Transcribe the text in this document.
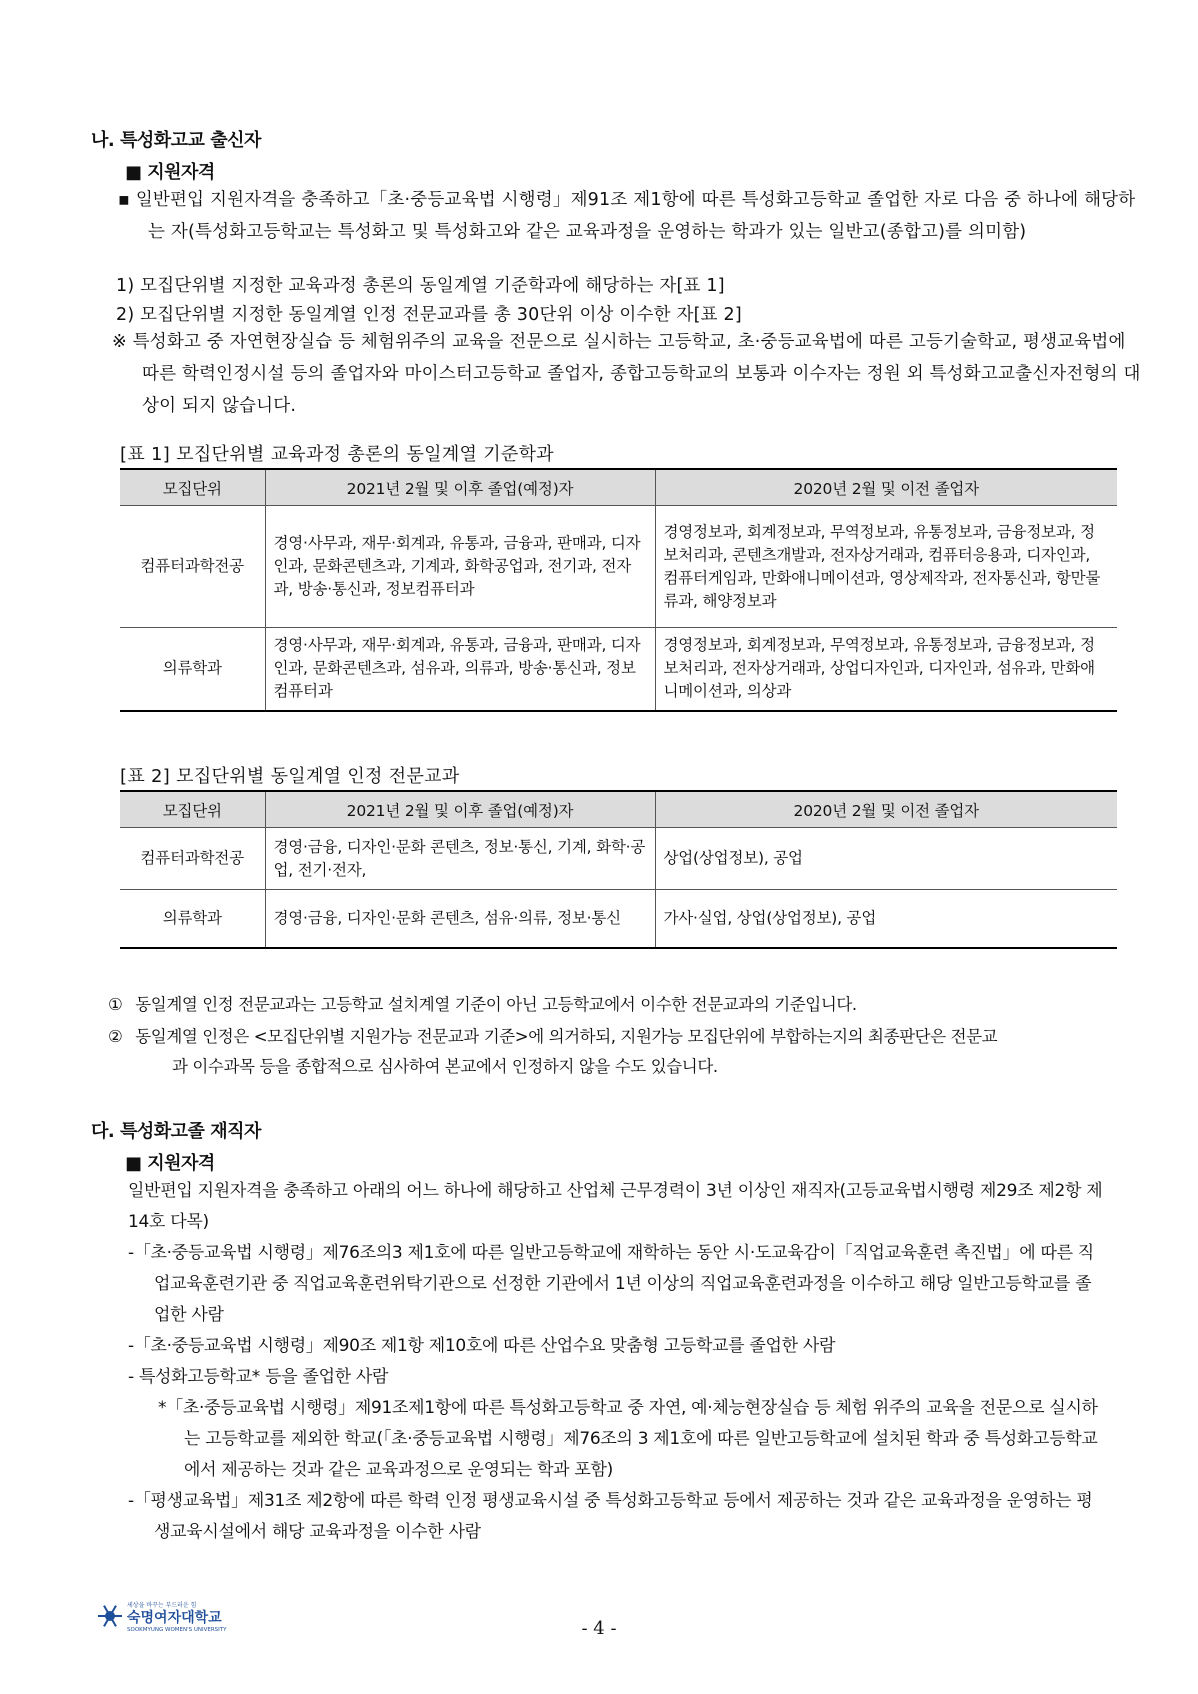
나. 특성화고교 출신자
■ 지원자격
▪ 일반편입 지원자격을 충족하고「초·중등교육법 시행령」제91조 제1항에 따른 특성화고등학교 졸업한 자로 다음 중 하나에 해당하는 자(특성화고등학교는 특성화고 및 특성화고와 같은 교육과정을 운영하는 학과가 있는 일반고(종합고)를 의미함)
1) 모집단위별 지정한 교육과정 총론의 동일계열 기준학과에 해당하는 자[표 1]
2) 모집단위별 지정한 동일계열 인정 전문교과를 총 30단위 이상 이수한 자[표 2]
※ 특성화고 중 자연현장실습 등 체험위주의 교육을 전문으로 실시하는 고등학교, 초·중등교육법에 따른 고등기술학교, 평생교육법에 따른 학력인정시설 등의 졸업자와 마이스터고등학교 졸업자, 종합고등학교의 보통과 이수자는 정원 외 특성화고교출신자전형의 대상이 되지 않습니다.
[표 1] 모집단위별 교육과정 총론의 동일계열 기준학과
모집단위	2021년 2월 및 이후 졸업(예정)자	2020년 2월 및 이전 졸업자
컴퓨터과학전공	경영·사무과, 재무·회계과, 유통과, 금융과, 판매과, 디자인과, 문화콘텐츠과, 기계과, 화학공업과, 전기과, 전자과, 방송·통신과, 정보컴퓨터과	경영정보과, 회계정보과, 무역정보과, 유통정보과, 금융정보과, 정보처리과, 콘텐츠개발과, 전자상거래과, 컴퓨터응용과, 디자인과, 컴퓨터게임과, 만화애니메이션과, 영상제작과, 전자통신과, 항만물류과, 해양정보과
의류학과	경영·사무과, 재무·회계과, 유통과, 금융과, 판매과, 디자인과, 문화콘텐츠과, 섬유과, 의류과, 방송·통신과, 정보컴퓨터과	경영정보과, 회계정보과, 무역정보과, 유통정보과, 금융정보과, 정보처리과, 전자상거래과, 상업디자인과, 디자인과, 섬유과, 만화애니메이션과, 의상과
[표 2] 모집단위별 동일계열 인정 전문교과
모집단위	2021년 2월 및 이후 졸업(예정)자	2020년 2월 및 이전 졸업자
컴퓨터과학전공	경영·금융, 디자인·문화 콘텐츠, 정보·통신, 기계, 화학·공업, 전기·전자,	상업(상업정보), 공업
의류학과	경영·금융, 디자인·문화 콘텐츠, 섬유·의류, 정보·통신	가사·실업, 상업(상업정보), 공업
① 동일계열 인정 전문교과는 고등학교 설치계열 기준이 아닌 고등학교에서 이수한 전문교과의 기준입니다.
② 동일계열 인정은 <모집단위별 지원가능 전문교과 기준>에 의거하되, 지원가능 모집단위에 부합하는지의 최종판단은 전문교
과 이수과목 등을 종합적으로 심사하여 본교에서 인정하지 않을 수도 있습니다.
다. 특성화고졸 재직자
■ 지원자격
일반편입 지원자격을 충족하고 아래의 어느 하나에 해당하고 산업체 근무경력이 3년 이상인 재직자(고등교육법시행령 제29조 제2항 제14호 다목)
-「초·중등교육법 시행령」제76조의3 제1호에 따른 일반고등학교에 재학하는 동안 시·도교육감이「직업교육훈련 촉진법」에 따른 직업교육훈련기관 중 직업교육훈련위탁기관으로 선정한 기관에서 1년 이상의 직업교육훈련과정을 이수하고 해당 일반고등학교를 졸업한 사람
-「초·중등교육법 시행령」제90조 제1항 제10호에 따른 산업수요 맞춤형 고등학교를 졸업한 사람
- 특성화고등학교* 등을 졸업한 사람
*「초·중등교육법 시행령」제91조제1항에 따른 특성화고등학교 중 자연, 예·체능현장실습 등 체험 위주의 교육을 전문으로 실시하는 고등학교를 제외한 학교(「초·중등교육법 시행령」제76조의 3 제1호에 따른 일반고등학교에 설치된 학과 중 특성화고등학교에서 제공하는 것과 같은 교육과정으로 운영되는 학과 포함)
-「평생교육법」제31조 제2항에 따른 학력 인정 평생교육시설 중 특성화고등학교 등에서 제공하는 것과 같은 교육과정을 운영하는 평생교육시설에서 해당 교육과정을 이수한 사람
세상을 바꾸는 부드러운 힘
숙명여자대학교
SOOKMYUNG WOMEN'S UNIVERSITY	- 4 -
